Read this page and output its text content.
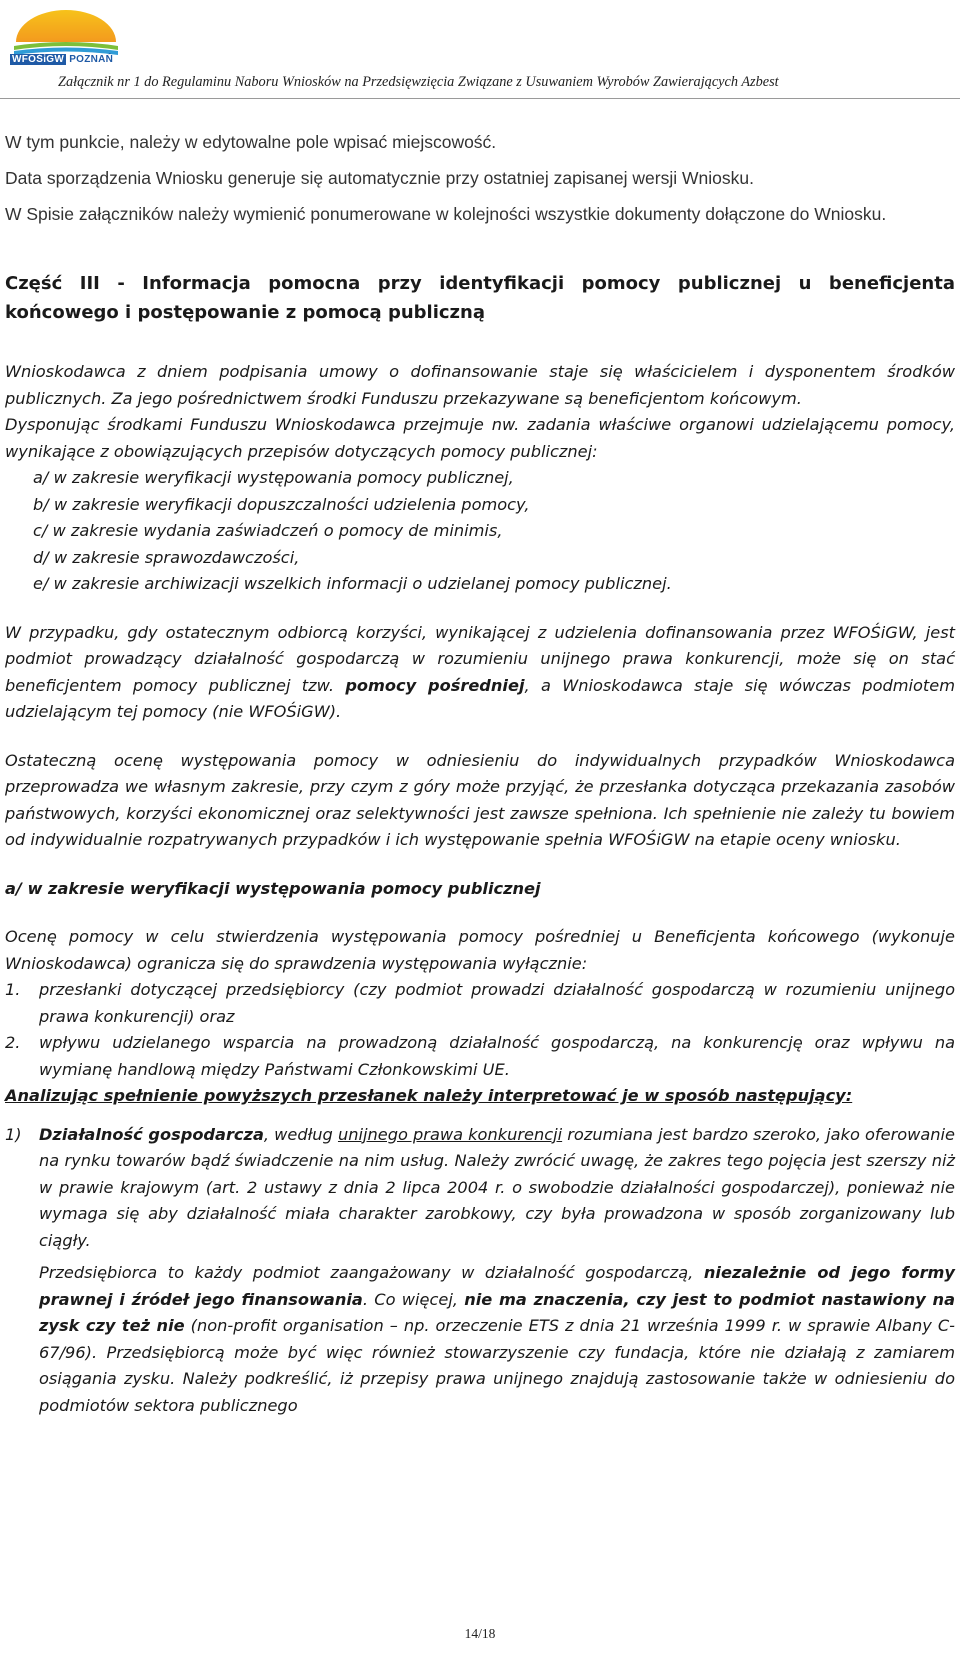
WFOŚiGW POZNAŃ
Załącznik nr 1 do Regulaminu Naboru Wniosków na Przedsięwzięcia Związane z Usuwaniem Wyrobów Zawierających Azbest

W tym punkcie, należy w edytowalne pole wpisać miejscowość.

Data sporządzenia Wniosku generuje się automatycznie przy ostatniej zapisanej wersji Wniosku.

W Spisie załączników należy wymienić ponumerowane w kolejności wszystkie dokumenty dołączone do Wniosku.

Część III - Informacja pomocna przy identyfikacji pomocy publicznej u beneficjenta końcowego i postępowanie z pomocą publiczną

Wnioskodawca z dniem podpisania umowy o dofinansowanie staje się właścicielem i dysponentem środków publicznych. Za jego pośrednictwem środki Funduszu przekazywane są beneficjentom końcowym.

Dysponując środkami Funduszu Wnioskodawca przejmuje nw. zadania właściwe organowi udzielającemu pomocy, wynikające z obowiązujących przepisów dotyczących pomocy publicznej:

a/ w zakresie weryfikacji występowania pomocy publicznej,
b/ w zakresie weryfikacji dopuszczalności udzielenia pomocy,
c/ w zakresie wydania zaświadczeń o pomocy de minimis,
d/ w zakresie sprawozdawczości,
e/ w zakresie archiwizacji wszelkich informacji o udzielanej pomocy publicznej.

W przypadku, gdy ostatecznym odbiorcą korzyści, wynikającej z udzielenia dofinansowania przez WFOŚiGW, jest podmiot prowadzący działalność gospodarczą w rozumieniu unijnego prawa konkurencji, może się on stać beneficjentem pomocy publicznej tzw. pomocy pośredniej, a Wnioskodawca staje się wówczas podmiotem udzielającym tej pomocy (nie WFOŚiGW).

Ostateczną ocenę występowania pomocy w odniesieniu do indywidualnych przypadków Wnioskodawca przeprowadza we własnym zakresie, przy czym z góry może przyjąć, że przesłanka dotycząca przekazania zasobów państwowych, korzyści ekonomicznej oraz selektywności jest zawsze spełniona. Ich spełnienie nie zależy tu bowiem od indywidualnie rozpatrywanych przypadków i ich występowanie spełnia WFOŚiGW na etapie oceny wniosku.

a/ w zakresie weryfikacji występowania pomocy publicznej

Ocenę pomocy w celu stwierdzenia występowania pomocy pośredniej u Beneficjenta końcowego (wykonuje Wnioskodawca) ogranicza się do sprawdzenia występowania wyłącznie:

1. przesłanki dotyczącej przedsiębiorcy (czy podmiot prowadzi działalność gospodarczą w rozumieniu unijnego prawa konkurencji) oraz
2. wpływu udzielanego wsparcia na prowadzoną działalność gospodarczą, na konkurencję oraz wpływu na wymianę handlową między Państwami Członkowskimi UE.

Analizując spełnienie powyższych przesłanek należy interpretować je w sposób następujący:

1) Działalność gospodarcza, według unijnego prawa konkurencji rozumiana jest bardzo szeroko, jako oferowanie na rynku towarów bądź świadczenie na nim usług. Należy zwrócić uwagę, że zakres tego pojęcia jest szerszy niż w prawie krajowym (art. 2 ustawy z dnia 2 lipca 2004 r. o swobodzie działalności gospodarczej), ponieważ nie wymaga się aby działalność miała charakter zarobkowy, czy była prowadzona w sposób zorganizowany lub ciągły.

Przedsiębiorca to każdy podmiot zaangażowany w działalność gospodarczą, niezależnie od jego formy prawnej i źródeł jego finansowania. Co więcej, nie ma znaczenia, czy jest to podmiot nastawiony na zysk czy też nie (non-profit organisation – np. orzeczenie ETS z dnia 21 września 1999 r. w sprawie Albany C-67/96). Przedsiębiorcą może być więc również stowarzyszenie czy fundacja, które nie działają z zamiarem osiągania zysku. Należy podkreślić, iż przepisy prawa unijnego znajdują zastosowanie także w odniesieniu do podmiotów sektora publicznego

14/18
